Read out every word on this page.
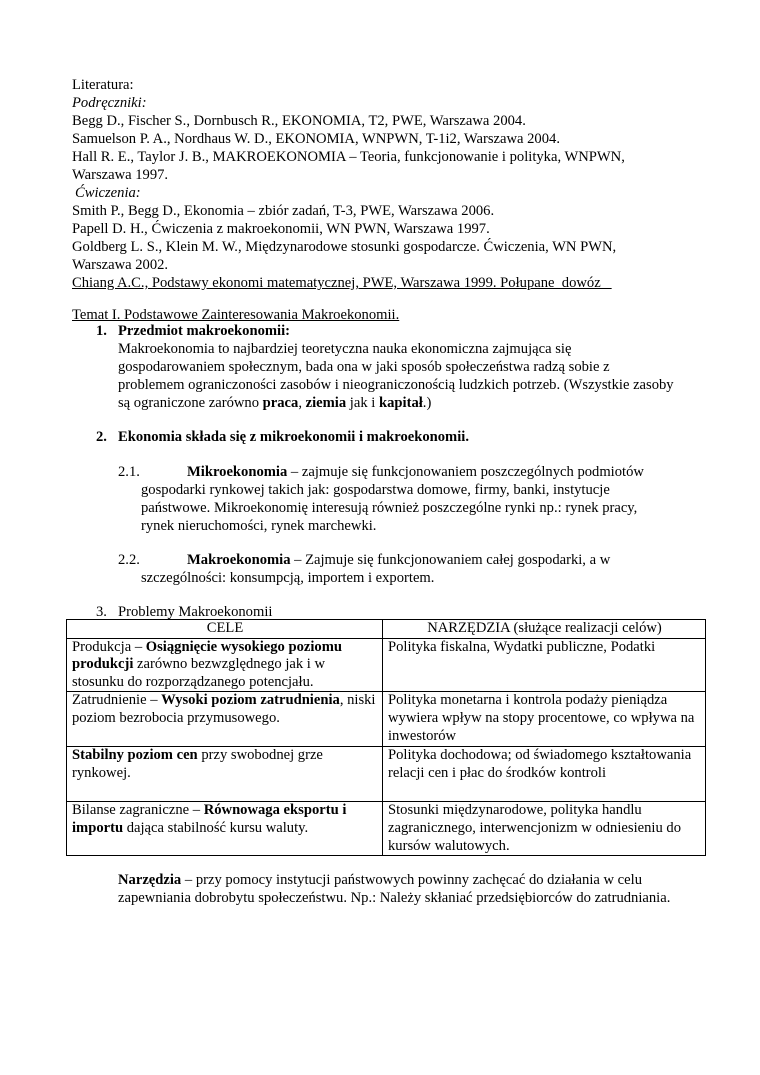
Literatura:
Podręczniki:
Begg D., Fischer S., Dornbusch R., EKONOMIA, T2, PWE, Warszawa 2004.
Samuelson P. A., Nordhaus W. D., EKONOMIA, WNPWN, T-1i2, Warszawa 2004.
Hall R. E., Taylor J. B., MAKROEKONOMIA – Teoria, funkcjonowanie i polityka, WNPWN,
Warszawa 1997.
Ćwiczenia:
Smith P., Begg D., Ekonomia – zbiór zadań, T-3, PWE, Warszawa 2006.
Papell D. H., Ćwiczenia z makroekonomii, WN PWN, Warszawa 1997.
Goldberg L. S., Klein M. W., Międzynarodowe stosunki gospodarcze. Ćwiczenia, WN PWN,
Warszawa 2002.
Chiang A.C., Podstawy ekonomi matematycznej, PWE, Warszawa 1999. Połupane  dowóz
Temat I. Podstawowe Zainteresowania Makroekonomii.
1. Przedmiot makroekonomii:
Makroekonomia to najbardziej teoretyczna nauka ekonomiczna zajmująca się gospodarowaniem społecznym, bada ona w jaki sposób społeczeństwa radzą sobie z problemem ograniczoności zasobów i nieograniczonością ludzkich potrzeb. (Wszystkie zasoby są ograniczone zarówno praca, ziemia jak i kapitał.)
2. Ekonomia składa się z mikroekonomii i makroekonomii.
2.1.	Mikroekonomia – zajmuje się funkcjonowaniem poszczególnych podmiotów
gospodarki rynkowej takich jak: gospodarstwa domowe, firmy, banki, instytucje państwowe. Mikroekonomię interesują również poszczególne rynki np.: rynek pracy, rynek nieruchomości, rynek marchewki.
2.2.	Makroekonomia – Zajmuje się funkcjonowaniem całej gospodarki, a w
szczególności: konsumpcją, importem i exportem.
3. Problemy Makroekonomii
CELE	NARZĘDZIA (służące realizacji celów)
Produkcja – Osiągnięcie wysokiego poziomu produkcji zarówno bezwzględnego jak i w stosunku do rozporządzanego potencjału.	Polityka fiskalna, Wydatki publiczne, Podatki
Zatrudnienie – Wysoki poziom zatrudnienia, niski poziom bezrobocia przymusowego.	Polityka monetarna i kontrola podaży pieniądza wywiera wpływ na stopy procentowe, co wpływa na inwestorów
Stabilny poziom cen przy swobodnej grze rynkowej.	Polityka dochodowa; od świadomego kształtowania relacji cen i płac do środków kontroli
Bilanse zagraniczne – Równowaga eksportu i importu dająca stabilność kursu waluty.	Stosunki międzynarodowe, polityka handlu zagranicznego, interwencjonizm w odniesieniu do kursów walutowych.
Narzędzia – przy pomocy instytucji państwowych powinny zachęcać do działania w celu zapewniania dobrobytu społeczeństwu. Np.: Należy skłaniać przedsiębiorców do zatrudniania.
